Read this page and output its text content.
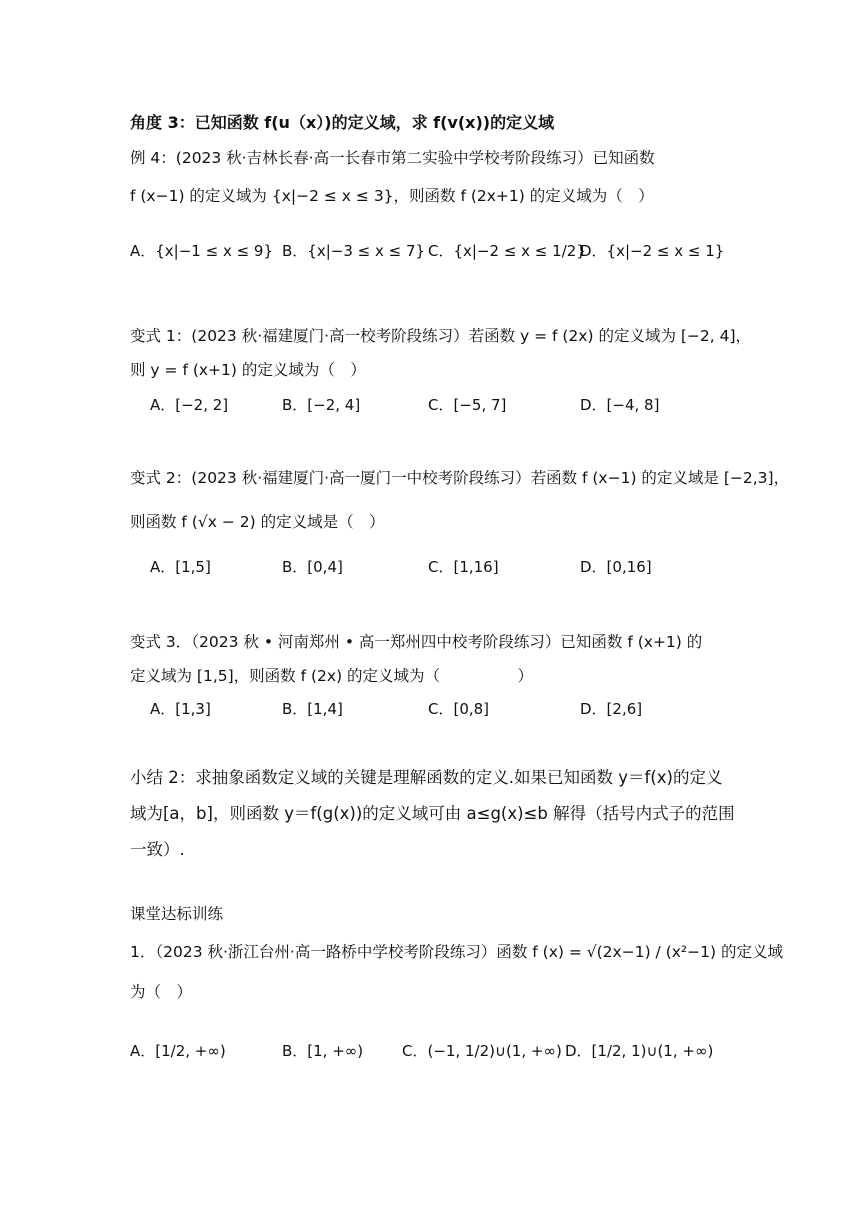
角度 3：已知函数 f(u（x）)的定义域，求 f(v(x))的定义域
例 4：(2023 秋·吉林长春·高一长春市第二实验中学校考阶段练习）已知函数
f (x−1) 的定义域为 {x|−2 ≤ x ≤ 3}，则函数 f (2x+1) 的定义域为（　）
A．{x|−1 ≤ x ≤ 9} B．{x|−3 ≤ x ≤ 7} C．{x|−2 ≤ x ≤ 1/2}
D．{x|−2 ≤ x ≤ 1}
变式 1：(2023 秋·福建厦门·高一校考阶段练习）若函数 y = f (2x) 的定义域为 [−2, 4]，
则 y = f (x+1) 的定义域为（　）
A．[−2, 2]	B．[−2, 4]	C．[−5, 7]	D．[−4, 8]
变式 2：(2023 秋·福建厦门·高一厦门一中校考阶段练习）若函数 f (x−1) 的定义域是 [−2,3]，
则函数 f (√x − 2) 的定义域是（　）
A．[1,5]	B．[0,4]	C．[1,16]	D．[0,16]
变式 3．（2023 秋 • 河南郑州 • 高一郑州四中校考阶段练习）已知函数 f (x+1) 的
定义域为 [1,5]，则函数 f (2x) 的定义域为（　　　　　）
A．[1,3]	B．[1,4]	C．[0,8]	D．[2,6]
小结 2：求抽象函数定义域的关键是理解函数的定义.如果已知函数 y＝f(x)的定义
域为[a，b]，则函数 y＝f(g(x))的定义域可由 a≤g(x)≤b 解得（括号内式子的范围
一致）.
课堂达标训练
1．（2023 秋·浙江台州·高一路桥中学校考阶段练习）函数 f (x) = √(2x−1) / (x²−1) 的定义域
为（　）
A．[1/2, +∞)	B．[1, +∞)	C．(−1, 1/2)∪(1, +∞) D．[1/2, 1)∪(1, +∞)
